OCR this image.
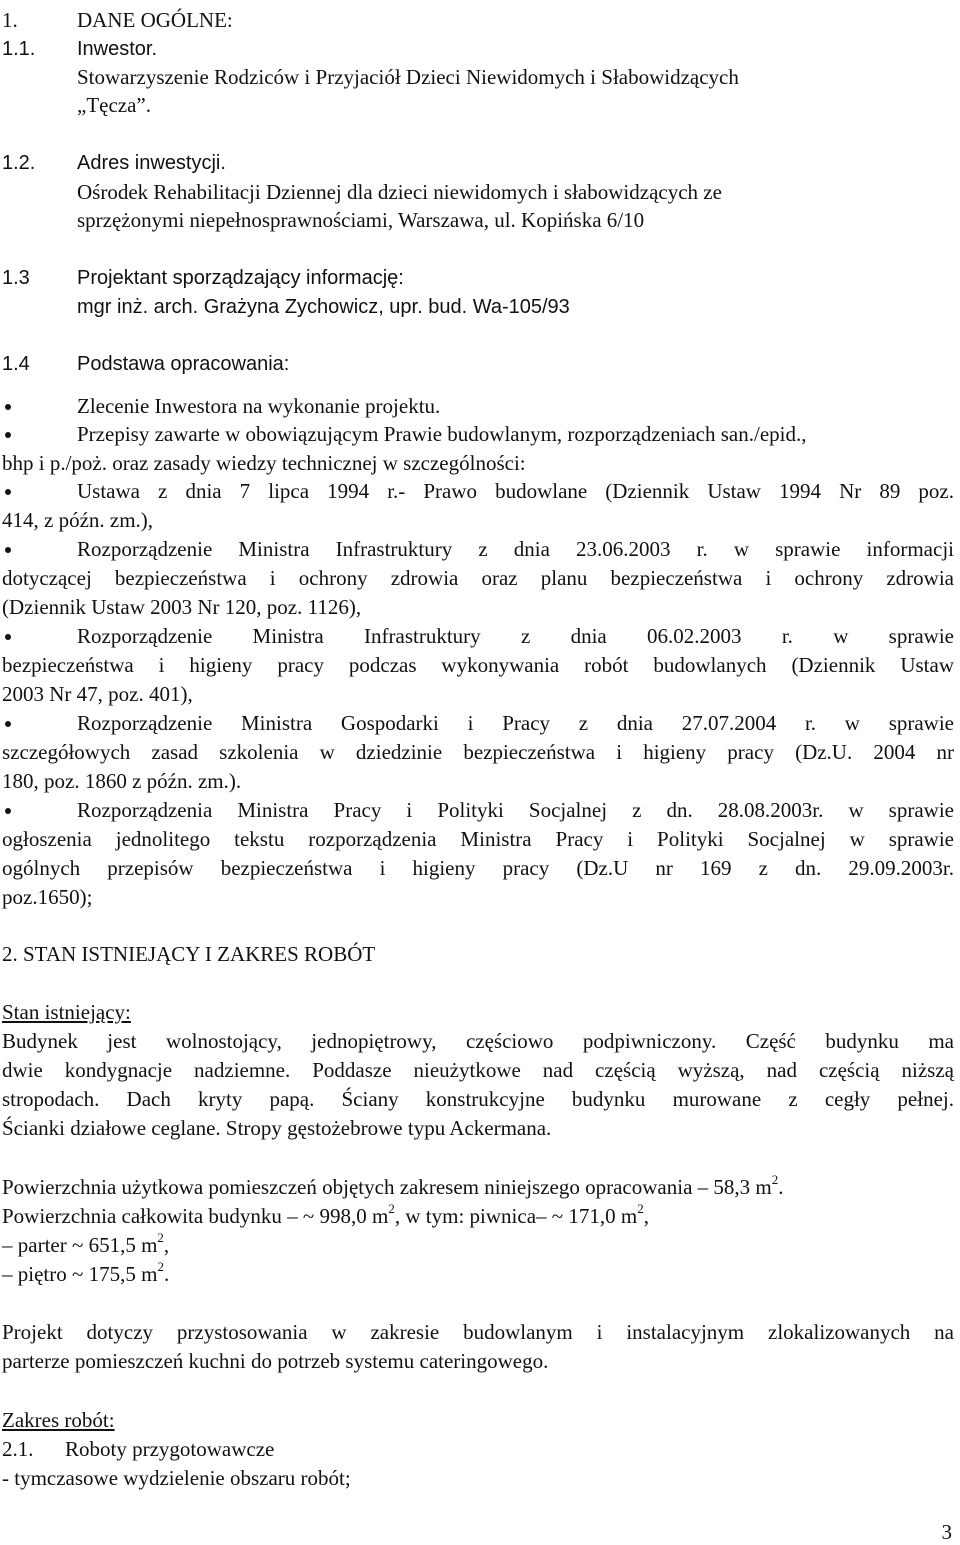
1.	DANE OGÓLNE:
1.1. Inwestor.
Stowarzyszenie Rodziców i Przyjaciół Dzieci Niewidomych i Słabowidzących
„Tęcza”.
1.2. Adres inwestycji.
Ośrodek Rehabilitacji Dziennej dla dzieci niewidomych i słabowidzących ze
sprzężonymi niepełnosprawnościami, Warszawa, ul. Kopińska 6/10
1.3 Projektant sporządzający informację:
mgr inż. arch. Grażyna Zychowicz, upr. bud. Wa-105/93
1.4 Podstawa opracowania:
Zlecenie Inwestora na wykonanie projektu.
Przepisy zawarte w obowiązującym Prawie budowlanym, rozporządzeniach san./epid.,
bhp i p./poż. oraz zasady wiedzy technicznej w szczególności:
Ustawa z dnia 7 lipca 1994 r.- Prawo budowlane (Dziennik Ustaw 1994 Nr 89 poz.
414, z późn. zm.),
Rozporządzenie Ministra Infrastruktury z dnia 23.06.2003 r. w sprawie informacji
dotyczącej bezpieczeństwa i ochrony zdrowia oraz planu bezpieczeństwa i ochrony zdrowia
(Dziennik Ustaw 2003 Nr 120, poz. 1126),
Rozporządzenie Ministra Infrastruktury z dnia 06.02.2003 r. w sprawie
bezpieczeństwa i higieny pracy podczas wykonywania robót budowlanych (Dziennik Ustaw
2003 Nr 47, poz. 401),
Rozporządzenie Ministra Gospodarki i Pracy z dnia 27.07.2004 r. w sprawie
szczegółowych zasad szkolenia w dziedzinie bezpieczeństwa i higieny pracy (Dz.U. 2004 nr
180, poz. 1860 z późn. zm.).
Rozporządzenia Ministra Pracy i Polityki Socjalnej z dn. 28.08.2003r. w sprawie
ogłoszenia jednolitego tekstu rozporządzenia Ministra Pracy i Polityki Socjalnej w sprawie
ogólnych przepisów bezpieczeństwa i higieny pracy (Dz.U nr 169 z dn. 29.09.2003r.
poz.1650);
2. STAN ISTNIEJĄCY I ZAKRES ROBÓT
Stan istniejący:
Budynek jest wolnostojący, jednopiętrowy, częściowo podpiwniczony. Część budynku ma
dwie kondygnacje nadziemne. Poddasze nieużytkowe nad częścią wyższą, nad częścią niższą
stropodach. Dach kryty papą. Ściany konstrukcyjne budynku murowane z cegły pełnej.
Ścianki działowe ceglane. Stropy gęstożebrowe typu Ackermana.
Powierzchnia użytkowa pomieszczeń objętych zakresem niniejszego opracowania – 58,3 $m^2$.
Powierzchnia całkowita budynku – ~ 998,0 $m^2$, w tym: piwnica– ~ 171,0 $m^2$,
– parter ~ 651,5 $m^2$,
– piętro ~ 175,5 $m^2$.
Projekt dotyczy przystosowania w zakresie budowlanym i instalacyjnym zlokalizowanych na
parterze pomieszczeń kuchni do potrzeb systemu cateringowego.
Zakres robót:
2.1. Roboty przygotowawcze
- tymczasowe wydzielenie obszaru robót;
3
